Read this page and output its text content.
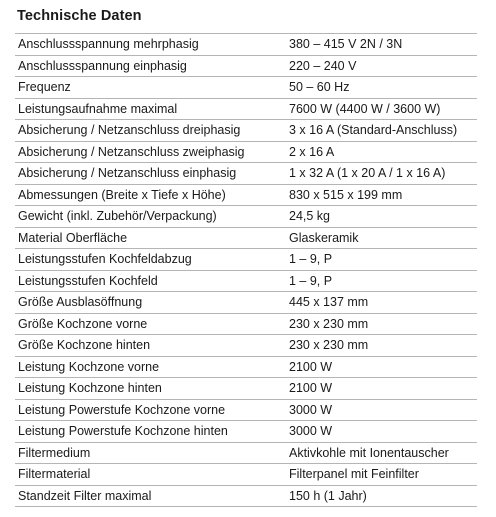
Technische Daten
Anschlussspannung mehrphasig	380 – 415 V 2N / 3N
Anschlussspannung einphasig	220 – 240 V
Frequenz	50 – 60 Hz
Leistungsaufnahme maximal	7600 W (4400 W / 3600 W)
Absicherung / Netzanschluss dreiphasig	3 x 16 A (Standard-Anschluss)
Absicherung / Netzanschluss zweiphasig	2 x 16 A
Absicherung / Netzanschluss einphasig	1 x 32 A (1 x 20 A / 1 x 16 A)
Abmessungen (Breite x Tiefe x Höhe)	830 x 515 x 199 mm
Gewicht (inkl. Zubehör/Verpackung)	24,5 kg
Material Oberfläche	Glaskeramik
Leistungsstufen Kochfeldabzug	1 – 9, P
Leistungsstufen Kochfeld	1 – 9, P
Größe Ausblasöffnung	445 x 137 mm
Größe Kochzone vorne	230 x 230 mm
Größe Kochzone hinten	230 x 230 mm
Leistung Kochzone vorne	2100 W
Leistung Kochzone hinten	2100 W
Leistung Powerstufe Kochzone vorne	3000 W
Leistung Powerstufe Kochzone hinten	3000 W
Filtermedium	Aktivkohle mit Ionentauscher
Filtermaterial	Filterpanel mit Feinfilter
Standzeit Filter maximal	150 h (1 Jahr)
